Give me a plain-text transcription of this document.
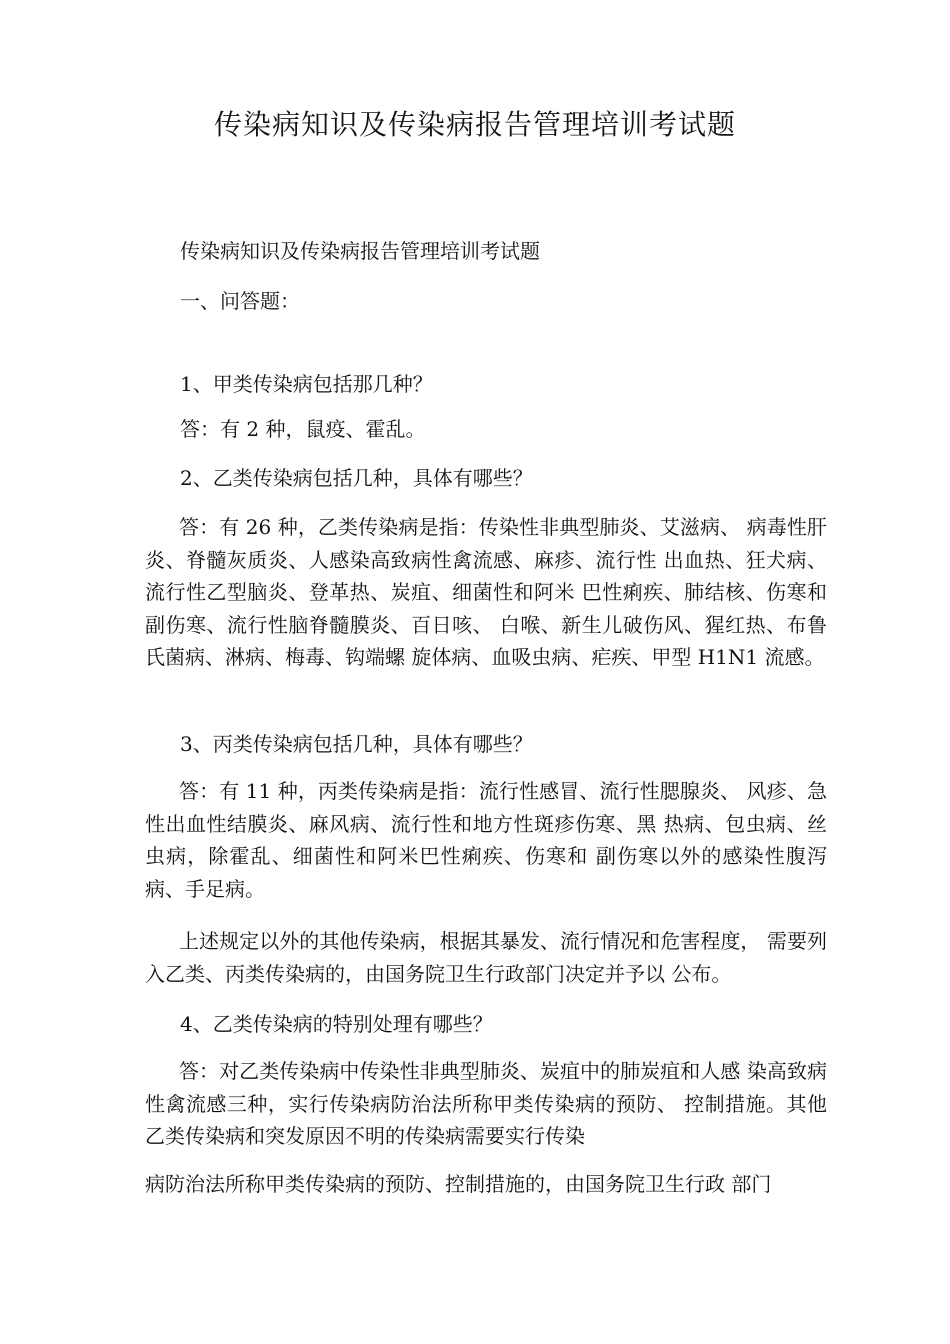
传染病知识及传染病报告管理培训考试题
传染病知识及传染病报告管理培训考试题
一、问答题：
1、甲类传染病包括那几种？
答：有 2 种，鼠疫、霍乱。
2、乙类传染病包括几种，具体有哪些？
答：有 26 种，乙类传染病是指：传染性非典型肺炎、艾滋病、 病毒性肝炎、脊髓灰质炎、人感染高致病性禽流感、麻疹、流行性 出血热、狂犬病、流行性乙型脑炎、登革热、炭疽、细菌性和阿米 巴性痢疾、肺结核、伤寒和副伤寒、流行性脑脊髓膜炎、百日咳、 白喉、新生儿破伤风、猩红热、布鲁氏菌病、淋病、梅毒、钩端螺 旋体病、血吸虫病、疟疾、甲型 H1N1 流感。
3、丙类传染病包括几种，具体有哪些？
答：有 11 种，丙类传染病是指：流行性感冒、流行性腮腺炎、 风疹、急性出血性结膜炎、麻风病、流行性和地方性斑疹伤寒、黑 热病、包虫病、丝虫病，除霍乱、细菌性和阿米巴性痢疾、伤寒和 副伤寒以外的感染性腹泻病、手足病。
上述规定以外的其他传染病，根据其暴发、流行情况和危害程度， 需要列入乙类、丙类传染病的，由国务院卫生行政部门决定并予以 公布。
4、乙类传染病的特别处理有哪些？
答：对乙类传染病中传染性非典型肺炎、炭疽中的肺炭疽和人感 染高致病性禽流感三种，实行传染病防治法所称甲类传染病的预防、 控制措施。其他乙类传染病和突发原因不明的传染病需要实行传染
病防治法所称甲类传染病的预防、控制措施的，由国务院卫生行政 部门
